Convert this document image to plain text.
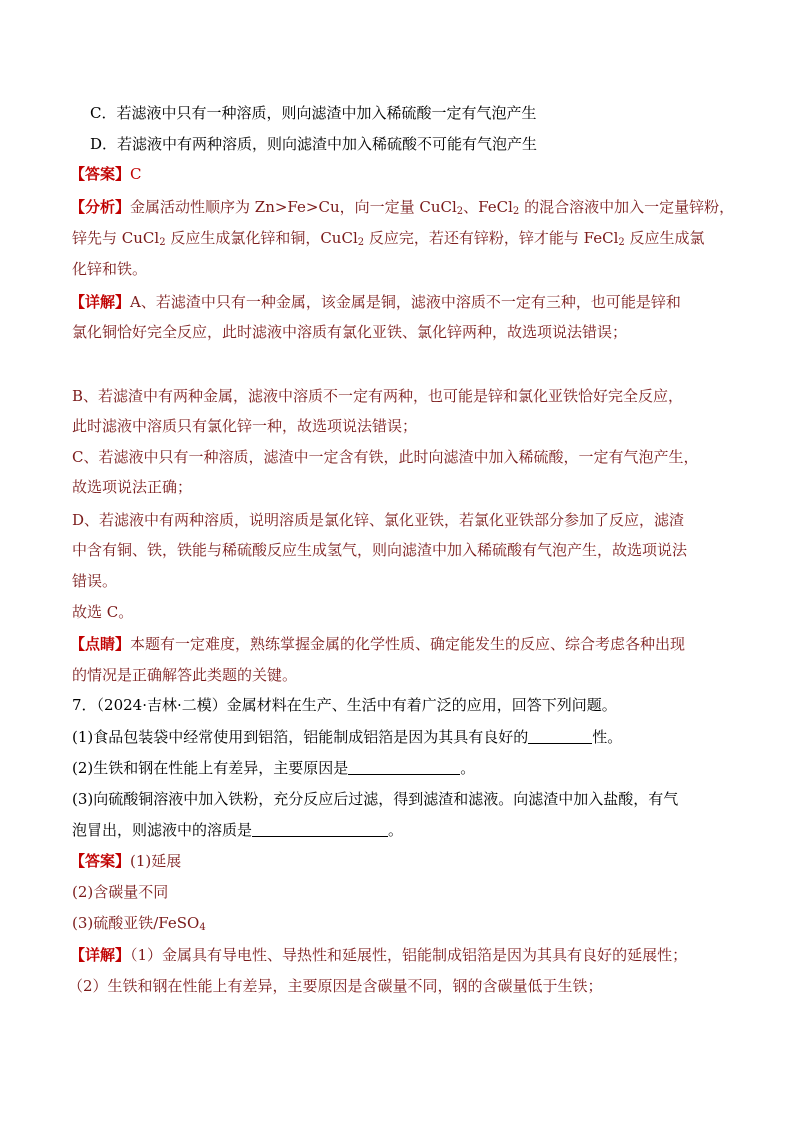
C．若滤液中只有一种溶质，则向滤渣中加入稀硫酸一定有气泡产生
D．若滤液中有两种溶质，则向滤渣中加入稀硫酸不可能有气泡产生
【答案】C
【分析】金属活动性顺序为 Zn>Fe>Cu，向一定量 CuCl$_2$、FeCl$_2$ 的混合溶液中加入一定量锌粉，
锌先与 CuCl$_2$ 反应生成氯化锌和铜，CuCl$_2$ 反应完，若还有锌粉，锌才能与 FeCl$_2$ 反应生成氯
化锌和铁。
【详解】A、若滤渣中只有一种金属，该金属是铜，滤液中溶质不一定有三种，也可能是锌和
氯化铜恰好完全反应，此时滤液中溶质有氯化亚铁、氯化锌两种，故选项说法错误；
B、若滤渣中有两种金属，滤液中溶质不一定有两种，也可能是锌和氯化亚铁恰好完全反应，
此时滤液中溶质只有氯化锌一种，故选项说法错误；
C、若滤液中只有一种溶质，滤渣中一定含有铁，此时向滤渣中加入稀硫酸，一定有气泡产生，
故选项说法正确；
D、若滤液中有两种溶质，说明溶质是氯化锌、氯化亚铁，若氯化亚铁部分参加了反应，滤渣
中含有铜、铁，铁能与稀硫酸反应生成氢气，则向滤渣中加入稀硫酸有气泡产生，故选项说法
错误。
故选 C。
【点睛】本题有一定难度，熟练掌握金属的化学性质、确定能发生的反应、综合考虑各种出现
的情况是正确解答此类题的关键。
7．（2024·吉林·二模）金属材料在生产、生活中有着广泛的应用，回答下列问题。
(1)食品包装袋中经常使用到铝箔，铝能制成铝箔是因为其具有良好的	性。
(2)生铁和钢在性能上有差异，主要原因是	。
(3)向硫酸铜溶液中加入铁粉，充分反应后过滤，得到滤渣和滤液。向滤渣中加入盐酸，有气
泡冒出，则滤液中的溶质是	。
【答案】(1)延展
(2)含碳量不同
(3)硫酸亚铁/FeSO$_4$
【详解】（1）金属具有导电性、导热性和延展性，铝能制成铝箔是因为其具有良好的延展性；
（2）生铁和钢在性能上有差异，主要原因是含碳量不同，钢的含碳量低于生铁；
